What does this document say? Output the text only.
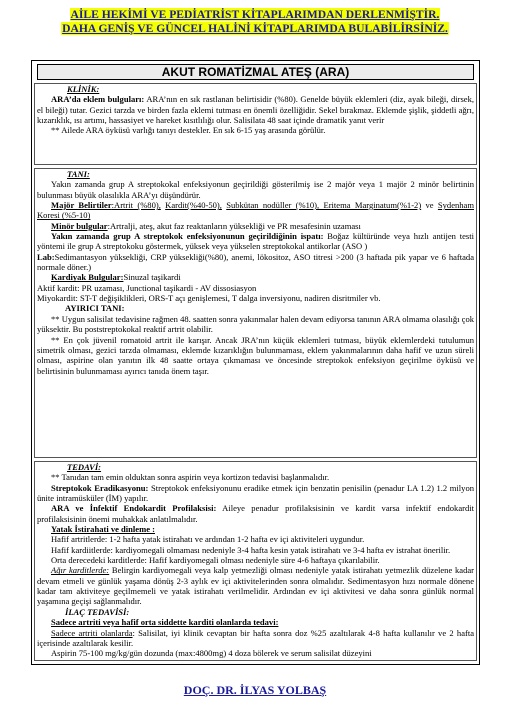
AİLE HEKİMİ VE PEDİATRİST KİTAPLARIMDAN DERLENMİŞTİR.
DAHA GENİŞ VE GÜNCEL HALİNİ KİTAPLARIMDA BULABİLİRSİNİZ.
AKUT ROMATİZMAL ATEŞ (ARA)

KLİNİK:

ARA’da eklem bulguları: ARA’nın en sık rastlanan belirtisidir (%80). Genelde büyük eklemleri (diz, ayak bileği, dirsek, el bileği) tutar. Gezici tarzda ve birden fazla eklemi tutması en önemli özelliğidir. Sekel bırakmaz. Eklemde şişlik, şiddetli ağrı, kızarıklık, ısı artımı, hassasiyet ve hareket kısıtlılığı olur. Salisilata 48 saat içinde dramatik yanıt verir

** Ailede ARA öyküsü varlığı tanıyı destekler. En sık 6-15 yaş arasında görülür.

TANI:

Yakın zamanda grup A streptokokal enfeksiyonun geçirildiği gösterilmiş ise 2 majör veya 1 majör 2 minör belirtinin bulunması büyük olasılıkla ARA’yı düşündürür.

Majör Belirtiler:Artrit (%80), Kardit(%40-50), Subkütan nodüller (%10), Eritema Marginatum(%1-2) ve Sydenham Koresi (%5-10)

Minör bulgular:Artralji, ateş, akut faz reaktanların yüksekliği ve PR mesafesinin uzaması

Yakın zamanda grup A streptokok enfeksiyonunun geçirildiğinin ispatı: Boğaz kültüründe veya hızlı antijen testi yöntemi ile grup A streptokoku göstermek, yüksek veya yükselen streptokokal antikorlar (ASO )

Lab:Sedimantasyon yüksekliği, CRP yüksekliği(%80), anemi, lökositoz, ASO titresi >200 (3 haftada pik yapar ve 6 haftada normale döner.)

Kardiyak Bulgular:Sinuzal taşikardi

Aktif kardit: PR uzaması, Junctional taşikardi - AV dissosiasyon

Miyokardit: ST-T değişiklikleri, ORS-T açı genişlemesi, T dalga inversiyonu, nadiren disritmiler vb.

AYIRICI TANI:

** Uygun salisilat tedavisine rağmen 48. saatten sonra yakınmalar halen devam ediyorsa tanının ARA olmama olasılığı çok yüksektir. Bu poststreptokokal reaktif artrit olabilir.

** En çok jüvenil romatoid artrit ile karışır. Ancak JRA’nın küçük eklemleri tutması, büyük eklemlerdeki tutulumun simetrik olması, gezici tarzda olmaması, eklemde kızarıklığın bulunmaması, eklem yakınmalarının daha hafif ve uzun süreli olması, aspirine olan yanıtın ilk 48 saatte ortaya çıkmaması ve öncesinde streptokok enfeksiyon geçirilme öyküsü ve belirtisinin bulunmaması ayırıcı tanıda önem taşır.

TEDAVİ:

** Tanıdan tam emin olduktan sonra aspirin veya kortizon tedavisi başlanmalıdır.

Streptokok Eradikasyonu: Streptokok enfeksiyonunu eradike etmek için benzatin penisilin (penadur LA 1.2) 1.2 milyon ünite intramüsküler (İM) yapılır.

ARA ve İnfektif Endokardit Profilaksisi: Aileye penadur profilaksisinin ve kardit varsa infektif endokardit profilaksisinin önemi muhakkak anlatılmalıdır.

Yatak İstirahati ve dinleme :

Hafif artritlerde: 1-2 hafta yatak istirahatı ve ardından 1-2 hafta ev içi aktiviteleri uygundur.

Hafif kardiitlerde: kardiyomegali olmaması nedeniyle 3-4 hafta kesin yatak istirahatı ve 3-4 hafta ev istrahat önerilir.

Orta derecedeki karditlerde: Hafif kardiyomegali olması nedeniyle süre 4-6 haftaya çıkarılabilir.

Ağır karditlerde: Belirgin kardiyomegali veya kalp yetmezliği olması nedeniyle yatak istirahatı yetmezlik düzelene kadar devam etmeli ve günlük yaşama dönüş 2-3 aylık ev içi aktivitelerinden sonra olmalıdır. Sedimentasyon hızı normale dönene kadar tam aktiviteye geçilmemeli ve yatak istirahatı verilmelidir. Ardından ev içi aktivitesi ve daha sonra günlük normal yaşamına geçişi sağlanmalıdır.

İLAÇ TEDAVİSİ:

Sadece artriti veya hafif orta siddette karditi olanlarda tedavi:

Sadece artriti olanlarda: Salisilat, iyi klinik cevaptan bir hafta sonra doz %25 azaltılarak 4-8 hafta kullanılır ve 2 hafta içerisinde azaltılarak kesilir.

Aspirin 75-100 mg/kg/gün dozunda (max:4800mg) 4 doza bölerek ve serum salisilat düzeyini

DOÇ. DR. İLYAS YOLBAŞ
